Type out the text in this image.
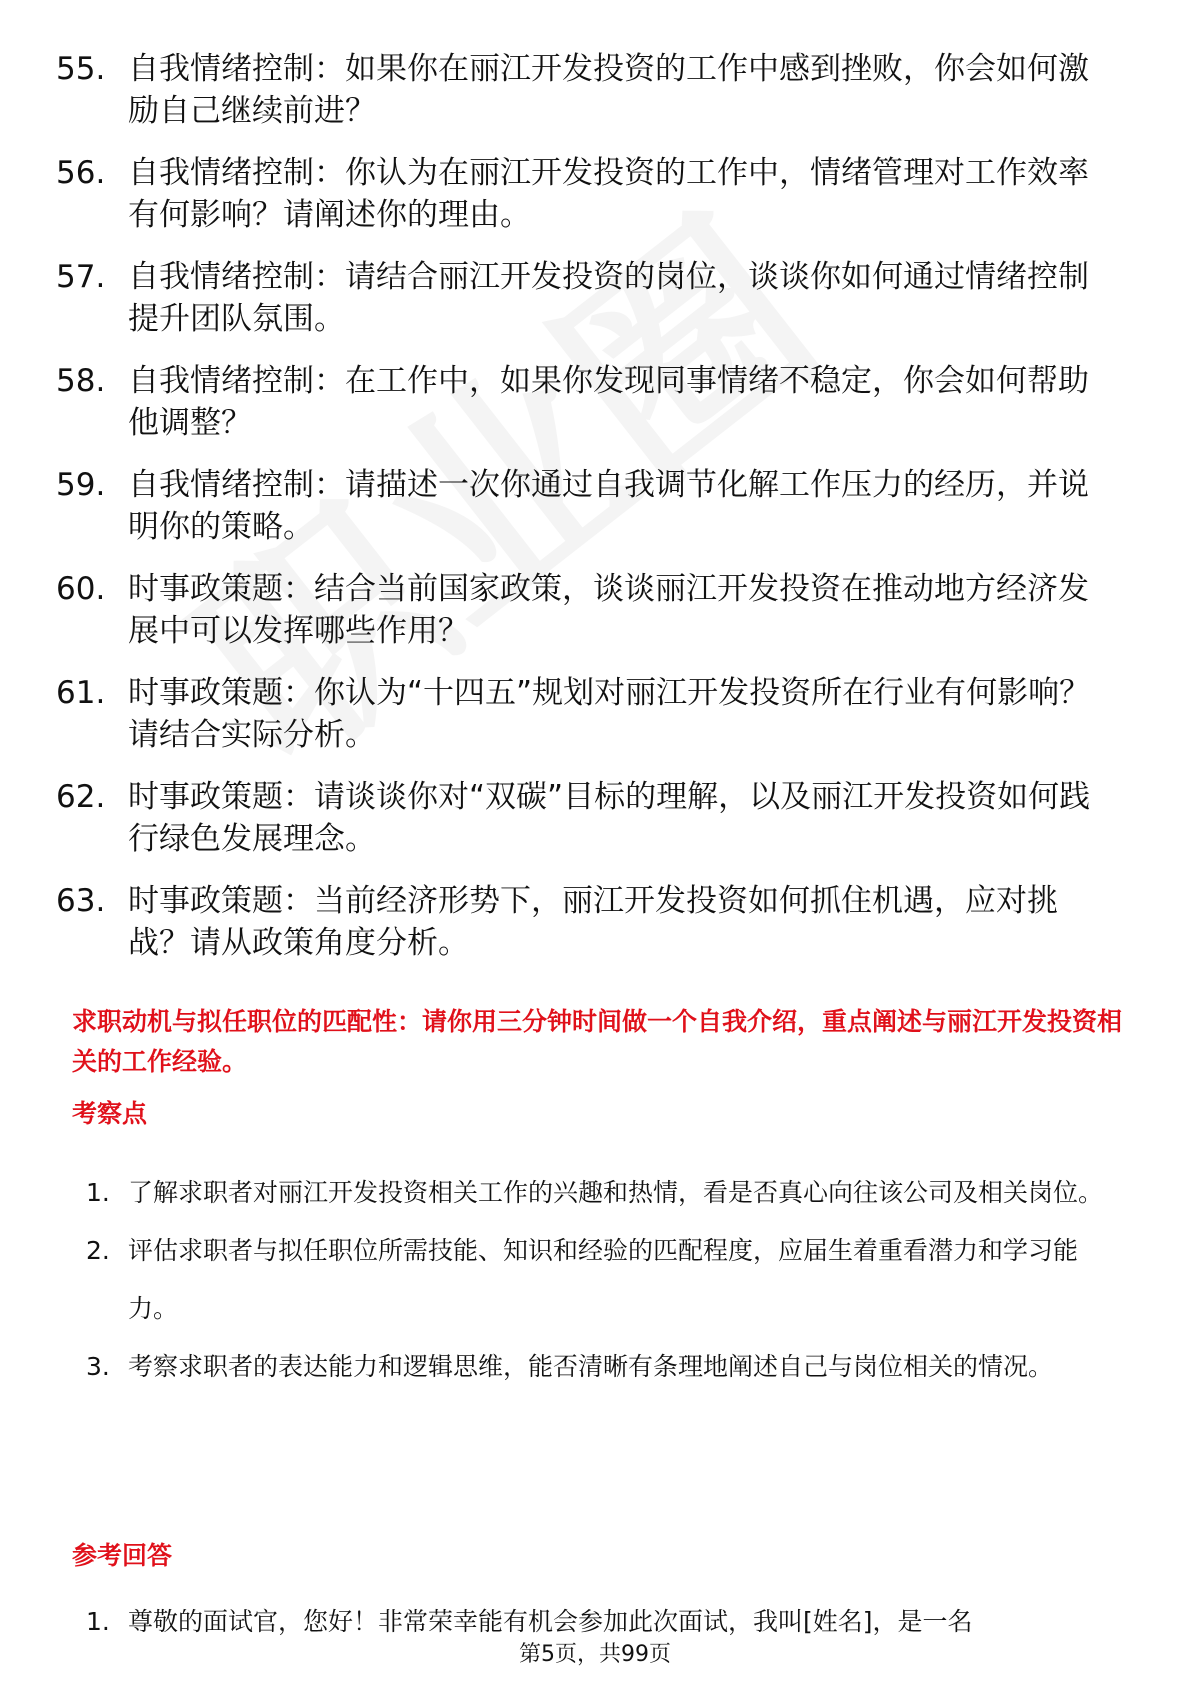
55. 自我情绪控制：如果你在丽江开发投资的工作中感到挫败，你会如何激励自己继续前进？
56. 自我情绪控制：你认为在丽江开发投资的工作中，情绪管理对工作效率有何影响？请阐述你的理由。
57. 自我情绪控制：请结合丽江开发投资的岗位，谈谈你如何通过情绪控制提升团队氛围。
58. 自我情绪控制：在工作中，如果你发现同事情绪不稳定，你会如何帮助他调整？
59. 自我情绪控制：请描述一次你通过自我调节化解工作压力的经历，并说明你的策略。
60. 时事政策题：结合当前国家政策，谈谈丽江开发投资在推动地方经济发展中可以发挥哪些作用？
61. 时事政策题：你认为“十四五”规划对丽江开发投资所在行业有何影响？请结合实际分析。
62. 时事政策题：请谈谈你对“双碳”目标的理解，以及丽江开发投资如何践行绿色发展理念。
63. 时事政策题：当前经济形势下，丽江开发投资如何抓住机遇，应对挑战？请从政策角度分析。
求职动机与拟任职位的匹配性：请你用三分钟时间做一个自我介绍，重点阐述与丽江开发投资相关的工作经验。
考察点
1. 了解求职者对丽江开发投资相关工作的兴趣和热情，看是否真心向往该公司及相关岗位。
2. 评估求职者与拟任职位所需技能、知识和经验的匹配程度，应届生着重看潜力和学习能力。
3. 考察求职者的表达能力和逻辑思维，能否清晰有条理地阐述自己与岗位相关的情况。
参考回答
1. 尊敬的面试官，您好！非常荣幸能有机会参加此次面试，我叫[姓名]，是一名
第5页，共99页
